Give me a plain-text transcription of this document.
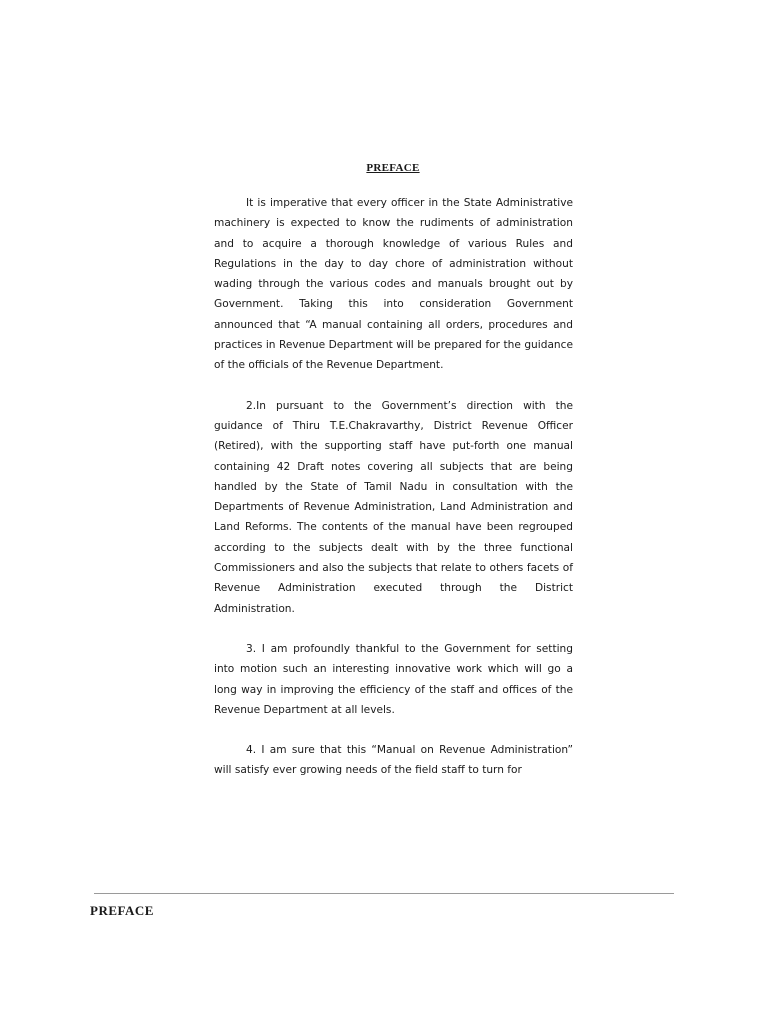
PREFACE

It is imperative that every officer in the State Administrative machinery is expected to know the rudiments of administration and to acquire a thorough knowledge of various Rules and Regulations in the day to day chore of administration without wading through the various codes and manuals brought out by Government. Taking this into consideration Government announced that “A manual containing all orders, procedures and practices in Revenue Department will be prepared for the guidance of the officials of the Revenue Department.

2.In pursuant to the Government’s direction with the guidance of Thiru T.E.Chakravarthy, District Revenue Officer (Retired), with the supporting staff have put-forth one manual containing 42 Draft notes covering all subjects that are being handled by the State of Tamil Nadu in consultation with the Departments of Revenue Administration, Land Administration and Land Reforms. The contents of the manual have been regrouped according to the subjects dealt with by the three functional Commissioners and also the subjects that relate to others facets of Revenue Administration executed through the District Administration.

3. I am profoundly thankful to the Government for setting into motion such an interesting innovative work which will go a long way in improving the efficiency of the staff and offices of the Revenue Department at all levels.

4. I am sure that this “Manual on Revenue Administration” will satisfy ever growing needs of the field staff to turn for

PREFACE
